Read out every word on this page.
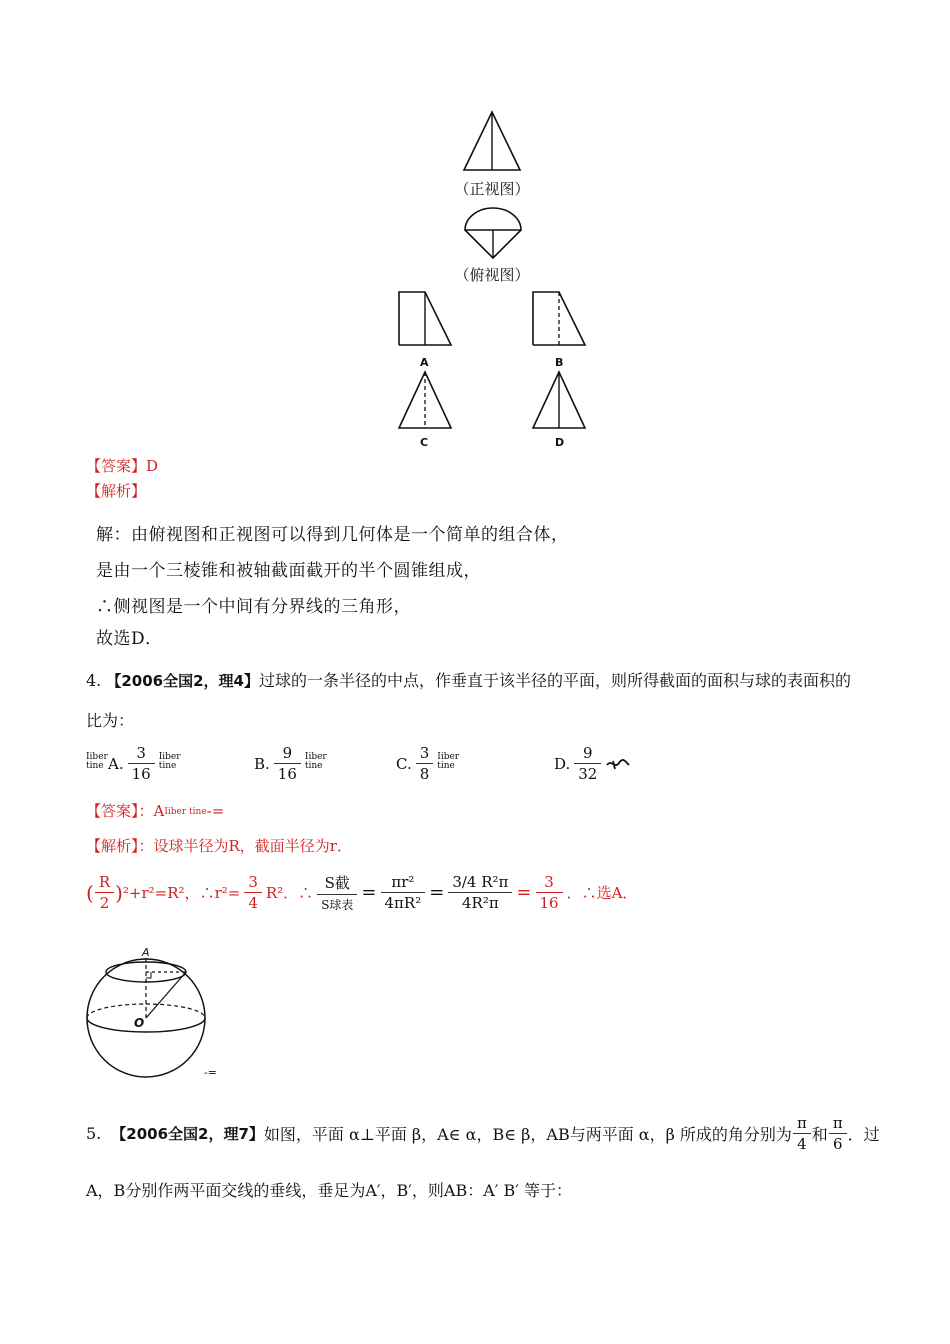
（正视图）
（俯视图）
A	B
C	D
【答案】D
【解析】
解：由俯视图和正视图可以得到几何体是一个简单的组合体，
是由一个三棱锥和被轴截面截开的半个圆锥组成，
∴侧视图是一个中间有分界线的三角形，
故选D．
4. 【2006全国2，理4】过球的一条半径的中点，作垂直于该半径的平面，则所得截面的面积与球的表面积的
比为：
Iiber tine A. $\frac{3}{16}$ Iiber tine	B. $\frac{9}{16}$ Iiber tine	C. $\frac{3}{8}$ Iiber tine	D. $\frac{9}{32}$
【答案】：AIiber tine-=
【解析】：设球半径为R，截面半径为r．
( $\frac{R}{2}$ ) ²+r²=R²，∴r²= $\frac{3}{4} R^2$．∴ $\frac{\text{S截}}{\text{S球表}} = \frac{\text{πr²}}{\text{4πR²}} = \frac{\text{3/4 R²π}}{\text{4R²π}} = \frac{3}{16}$ ．∴选A．
A
O
-=
5. 【2006全国2，理7】 如图，平面 α⊥平面 β，A∈ α，B∈ β，AB与两平面 α，β 所成的角分别为 $\frac{\pi}{4}$ 和 $\frac{\pi}{6}$ ．过
A，B分别作两平面交线的垂线，垂足为A′，B′，则AB：A′ B′ 等于：
